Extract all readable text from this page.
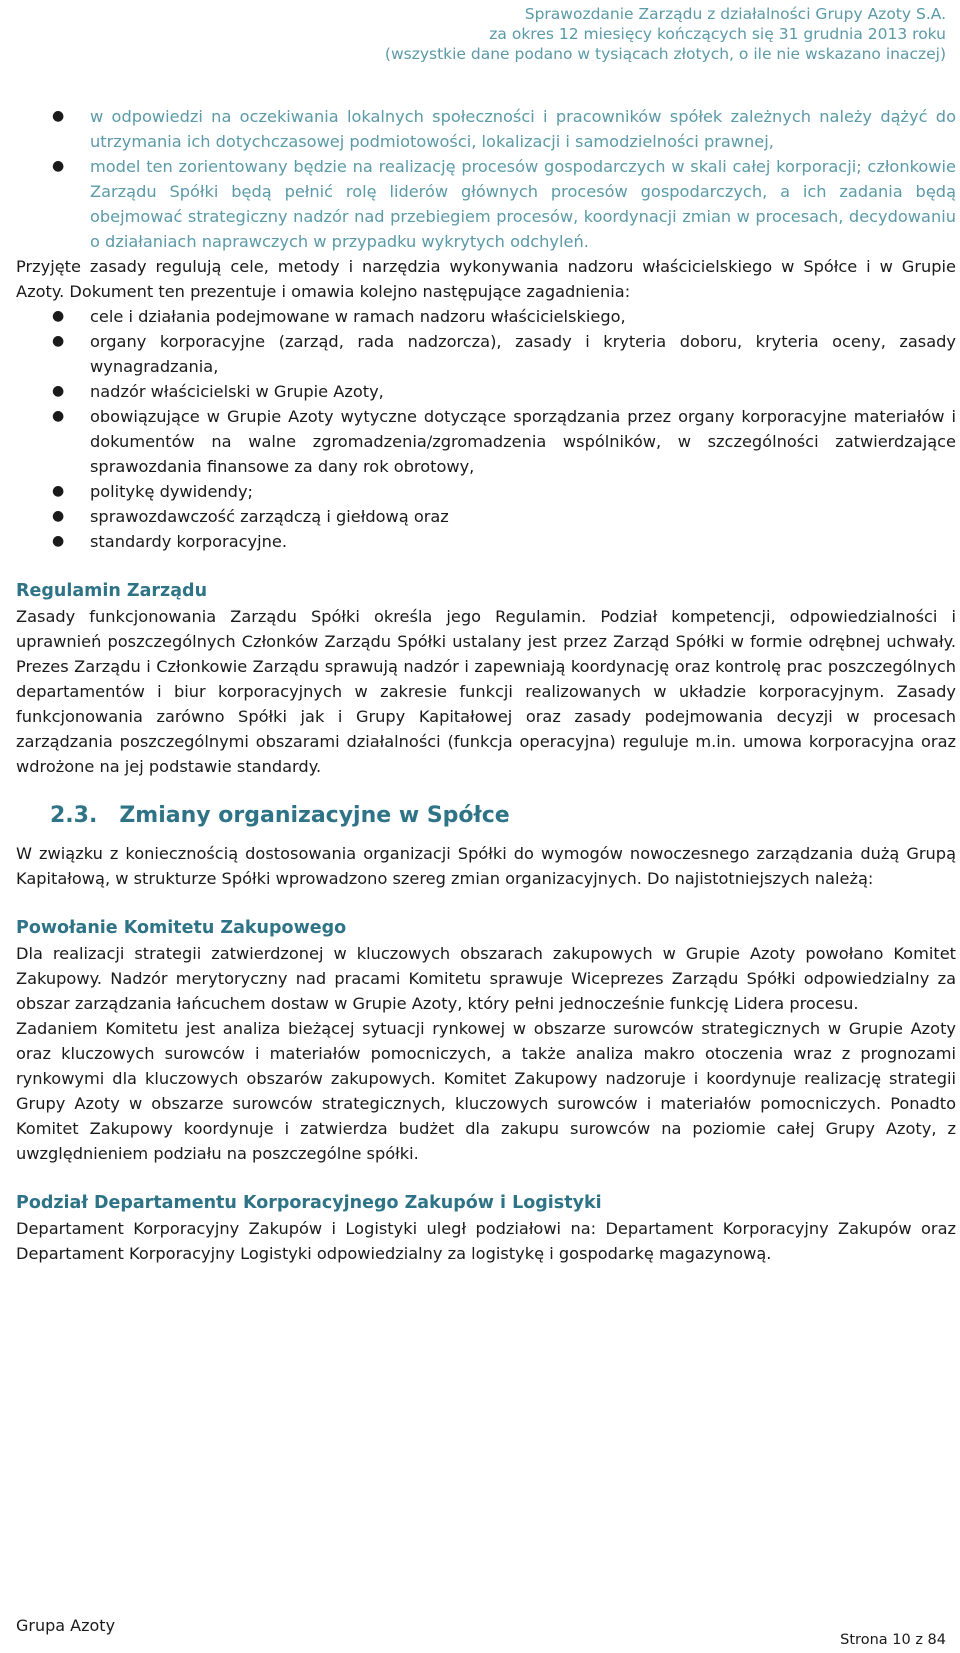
Sprawozdanie Zarządu z działalności Grupy Azoty S.A.
za okres 12 miesięcy kończących się 31 grudnia 2013 roku
(wszystkie dane podano w tysiącach złotych, o ile nie wskazano inaczej)
● w odpowiedzi na oczekiwania lokalnych społeczności i pracowników spółek zależnych należy dążyć do utrzymania ich dotychczasowej podmiotowości, lokalizacji i samodzielności prawnej,
● model ten zorientowany będzie na realizację procesów gospodarczych w skali całej korporacji; członkowie Zarządu Spółki będą pełnić rolę liderów głównych procesów gospodarczych, a ich zadania będą obejmować strategiczny nadzór nad przebiegiem procesów, koordynacji zmian w procesach, decydowaniu o działaniach naprawczych w przypadku wykrytych odchyleń.

Przyjęte zasady regulują cele, metody i narzędzia wykonywania nadzoru właścicielskiego w Spółce i w Grupie Azoty. Dokument ten prezentuje i omawia kolejno następujące zagadnienia:

● cele i działania podejmowane w ramach nadzoru właścicielskiego,
● organy korporacyjne (zarząd, rada nadzorcza), zasady i kryteria doboru, kryteria oceny, zasady wynagradzania,
● nadzór właścicielski w Grupie Azoty,
● obowiązujące w Grupie Azoty wytyczne dotyczące sporządzania przez organy korporacyjne materiałów i dokumentów na walne zgromadzenia/zgromadzenia wspólników, w szczególności zatwierdzające sprawozdania finansowe za dany rok obrotowy,
● politykę dywidendy;
● sprawozdawczość zarządczą i giełdową oraz
● standardy korporacyjne.
Regulamin Zarządu

Zasady funkcjonowania Zarządu Spółki określa jego Regulamin. Podział kompetencji, odpowiedzialności i uprawnień poszczególnych Członków Zarządu Spółki ustalany jest przez Zarząd Spółki w formie odrębnej uchwały. Prezes Zarządu i Członkowie Zarządu sprawują nadzór i zapewniają koordynację oraz kontrolę prac poszczególnych departamentów i biur korporacyjnych w zakresie funkcji realizowanych w układzie korporacyjnym. Zasady funkcjonowania zarówno Spółki jak i Grupy Kapitałowej oraz zasady podejmowania decyzji w procesach zarządzania poszczególnymi obszarami działalności (funkcja operacyjna) reguluje m.in. umowa korporacyjna oraz wdrożone na jej podstawie standardy.

2.3. Zmiany organizacyjne w Spółce

W związku z koniecznością dostosowania organizacji Spółki do wymogów nowoczesnego zarządzania dużą Grupą Kapitałową, w strukturze Spółki wprowadzono szereg zmian organizacyjnych. Do najistotniejszych należą:

Powołanie Komitetu Zakupowego

Dla realizacji strategii zatwierdzonej w kluczowych obszarach zakupowych w Grupie Azoty powołano Komitet Zakupowy. Nadzór merytoryczny nad pracami Komitetu sprawuje Wiceprezes Zarządu Spółki odpowiedzialny za obszar zarządzania łańcuchem dostaw w Grupie Azoty, który pełni jednocześnie funkcję Lidera procesu.

Zadaniem Komitetu jest analiza bieżącej sytuacji rynkowej w obszarze surowców strategicznych w Grupie Azoty oraz kluczowych surowców i materiałów pomocniczych, a także analiza makro otoczenia wraz z prognozami rynkowymi dla kluczowych obszarów zakupowych. Komitet Zakupowy nadzoruje i koordynuje realizację strategii Grupy Azoty w obszarze surowców strategicznych, kluczowych surowców i materiałów pomocniczych. Ponadto Komitet Zakupowy koordynuje i zatwierdza budżet dla zakupu surowców na poziomie całej Grupy Azoty, z uwzględnieniem podziału na poszczególne spółki.

Podział Departamentu Korporacyjnego Zakupów i Logistyki

Departament Korporacyjny Zakupów i Logistyki uległ podziałowi na: Departament Korporacyjny Zakupów oraz Departament Korporacyjny Logistyki odpowiedzialny za logistykę i gospodarkę magazynową.

Grupa Azoty
Strona 10 z 84
